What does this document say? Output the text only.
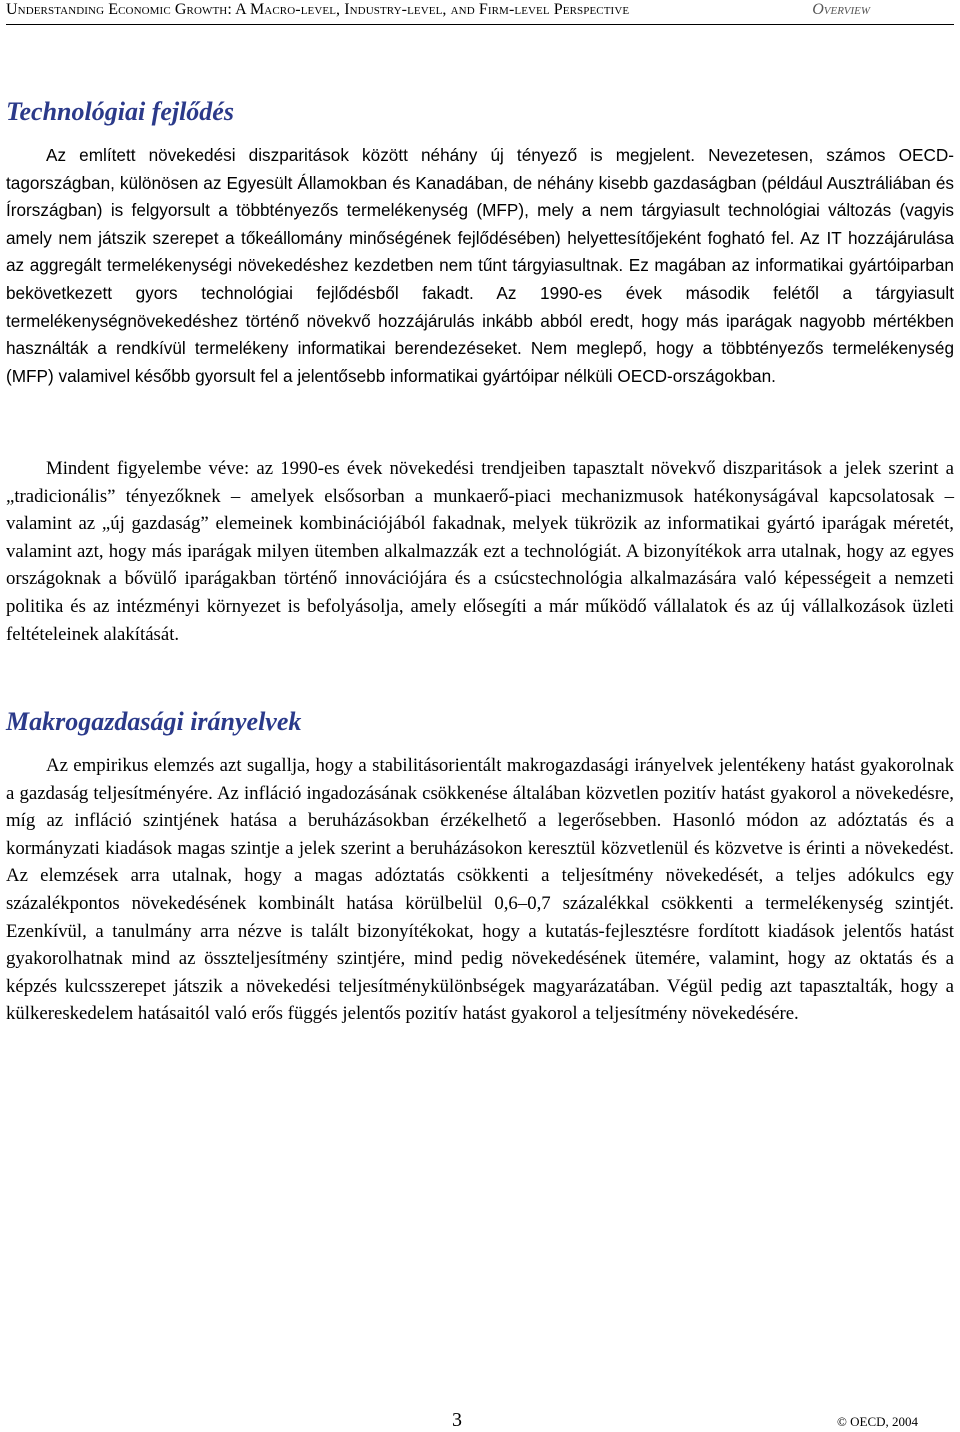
Understanding Economic Growth: A Macro-level, Industry-level, and Firm-level Perspective	Overview
Technológiai fejlődés

Az említett növekedési diszparitások között néhány új tényező is megjelent. Nevezetesen, számos OECD-tagországban, különösen az Egyesült Államokban és Kanadában, de néhány kisebb gazdaságban (például Ausztráliában és Írországban) is felgyorsult a többtényezős termelékenység (MFP), mely a nem tárgyiasult technológiai változás (vagyis amely nem játszik szerepet a tőkeállomány minőségének fejlődésében) helyettesítőjeként fogható fel. Az IT hozzájárulása az aggregált termelékenységi növekedéshez kezdetben nem tűnt tárgyiasultnak. Ez magában az informatikai gyártóiparban bekövetkezett gyors technológiai fejlődésből fakadt. Az 1990-es évek második felétől a tárgyiasult termelékenységnövekedéshez történő növekvő hozzájárulás inkább abból eredt, hogy más iparágak nagyobb mértékben használták a rendkívül termelékeny informatikai berendezéseket. Nem meglepő, hogy a többtényezős termelékenység (MFP) valamivel később gyorsult fel a jelentősebb informatikai gyártóipar nélküli OECD-országokban.

Mindent figyelembe véve: az 1990-es évek növekedési trendjeiben tapasztalt növekvő diszparitások a jelek szerint a „tradicionális” tényezőknek – amelyek elsősorban a munkaerő-piaci mechanizmusok hatékonyságával kapcsolatosak – valamint az „új gazdaság” elemeinek kombinációjából fakadnak, melyek tükrözik az informatikai gyártó iparágak méretét, valamint azt, hogy más iparágak milyen ütemben alkalmazzák ezt a technológiát. A bizonyítékok arra utalnak, hogy az egyes országoknak a bővülő iparágakban történő innovációjára és a csúcstechnológia alkalmazására való képességeit a nemzeti politika és az intézményi környezet is befolyásolja, amely elősegíti a már működő vállalatok és az új vállalkozások üzleti feltételeinek alakítását.

Makrogazdasági irányelvek

Az empirikus elemzés azt sugallja, hogy a stabilitásorientált makrogazdasági irányelvek jelentékeny hatást gyakorolnak a gazdaság teljesítményére. Az infláció ingadozásának csökkenése általában közvetlen pozitív hatást gyakorol a növekedésre, míg az infláció szintjének hatása a beruházásokban érzékelhető a legerősebben. Hasonló módon az adóztatás és a kormányzati kiadások magas szintje a jelek szerint a beruházásokon keresztül közvetlenül és közvetve is érinti a növekedést. Az elemzések arra utalnak, hogy a magas adóztatás csökkenti a teljesítmény növekedését, a teljes adókulcs egy százalékpontos növekedésének kombinált hatása körülbelül 0,6–0,7 százalékkal csökkenti a termelékenység szintjét. Ezenkívül, a tanulmány arra nézve is talált bizonyítékokat, hogy a kutatás-fejlesztésre fordított kiadások jelentős hatást gyakorolhatnak mind az összteljesítmény szintjére, mind pedig növekedésének ütemére, valamint, hogy az oktatás és a képzés kulcsszerepet játszik a növekedési teljesítménykülönbségek magyarázatában. Végül pedig azt tapasztalták, hogy a külkereskedelem hatásaitól való erős függés jelentős pozitív hatást gyakorol a teljesítmény növekedésére.

3	© OECD, 2004
